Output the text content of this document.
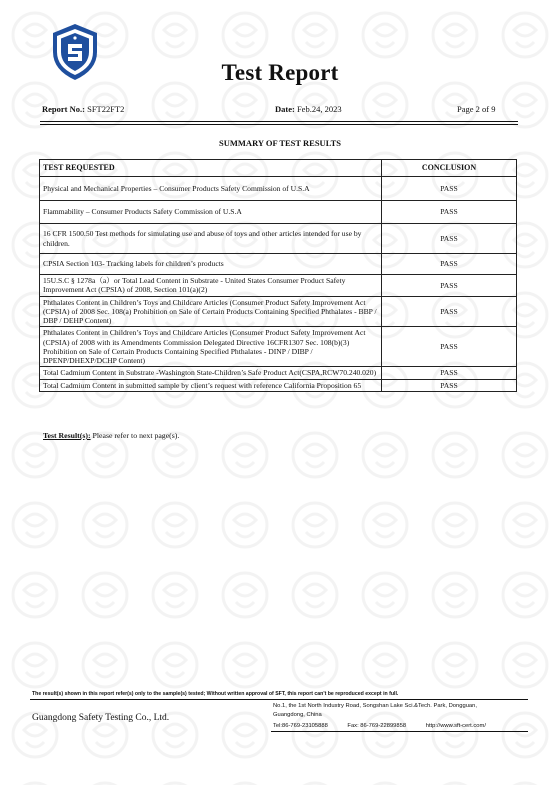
Test Report
Report No.: SFT22FT2	Date: Feb.24, 2023	Page 2 of 9
SUMMARY OF TEST RESULTS
TEST REQUESTED	CONCLUSION
Physical and Mechanical Properties – Consumer Products Safety Commission of U.S.A	PASS
Flammability – Consumer Products Safety Commission of U.S.A	PASS
16 CFR 1500.50 Test methods for simulating use and abuse of toys and other articles intended for use by children.	PASS
CPSIA Section 103- Tracking labels for children’s products	PASS
15U.S.C § 1278a（a）or Total Lead Content in Substrate - United States Consumer Product Safety Improvement Act (CPSIA) of 2008, Section 101(a)(2)	PASS
Phthalates Content in Children’s Toys and Childcare Articles (Consumer Product Safety Improvement Act (CPSIA) of 2008 Sec. 108(a) Prohibition on Sale of Certain Products Containing Specified Phthalates - BBP / DBP / DEHP Content)	PASS
Phthalates Content in Children’s Toys and Childcare Articles (Consumer Product Safety Improvement Act (CPSIA) of 2008 with its Amendments Commission Delegated Directive 16CFR1307 Sec. 108(b)(3) Prohibition on Sale of Certain Products Containing Specified Phthalates - DINP / DIBP / DPENP/DHEXP/DCHP Content)	PASS
Total Cadmium Content in Substrate -Washington State-Children’s Safe Product Act(CSPA,RCW70.240.020)	PASS
Total Cadmium Content in submitted sample by client’s request with reference California Proposition 65	PASS
Test Result(s): Please refer to next page(s).
The result(s) shown in this report refer(s) only to the sample(s) tested; Without written approval of SFT, this report can't be reproduced except in full.
Guangdong Safety Testing Co., Ltd.
No.1, the 1st North Industry Road, Songshan Lake Sci.&Tech. Park, Dongguan,
Guangdong, China
Tel:86-769-23105888	Fax: 86-769-22899858	http://www.sft-cert.com/
